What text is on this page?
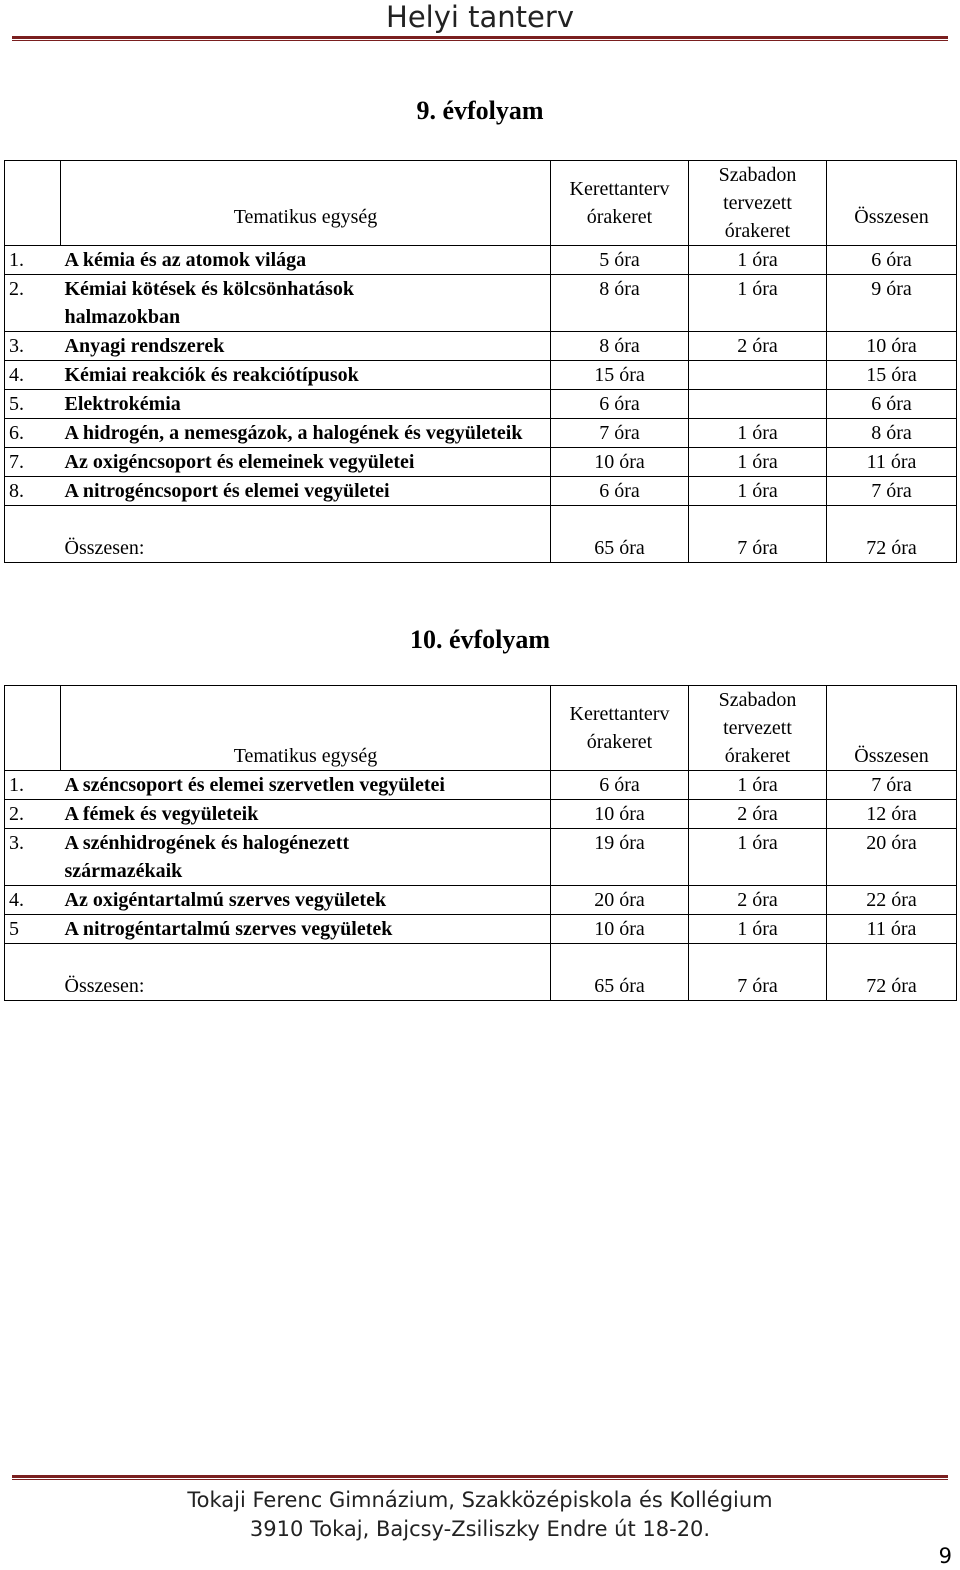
Helyi tanterv
9. évfolyam
	Tematikus egység	Kerettanterv órakeret	Szabadon tervezett órakeret	Összesen
1.	A kémia és az atomok világa	5 óra	1 óra	6 óra
2.	Kémiai kötések és kölcsönhatások halmazokban	8 óra	1 óra	9 óra
3.	Anyagi rendszerek	8 óra	2 óra	10 óra
4.	Kémiai reakciók és reakciótípusok	15 óra		15 óra
5.	Elektrokémia	6 óra		6 óra
6.	A hidrogén, a nemesgázok, a halogének és vegyületeik	7 óra	1 óra	8 óra
7.	Az oxigéncsoport és elemeinek vegyületei	10 óra	1 óra	11 óra
8.	A nitrogéncsoport és elemei vegyületei	6 óra	1 óra	7 óra
	Összesen:	65 óra	7 óra	72 óra
10. évfolyam
	Tematikus egység	Kerettanterv órakeret	Szabadon tervezett órakeret	Összesen
1.	A széncsoport és elemei szervetlen vegyületei	6 óra	1 óra	7 óra
2.	A fémek és vegyületeik	10 óra	2 óra	12 óra
3.	A szénhidrogének és halogénezett származékaik	19 óra	1 óra	20 óra
4.	Az oxigéntartalmú szerves vegyületek	20 óra	2 óra	22 óra
5	A nitrogéntartalmú szerves vegyületek	10 óra	1 óra	11 óra
	Összesen:	65 óra	7 óra	72 óra
Tokaji Ferenc Gimnázium, Szakközépiskola és Kollégium
3910 Tokaj, Bajcsy-Zsiliszky Endre út 18-20.
9
